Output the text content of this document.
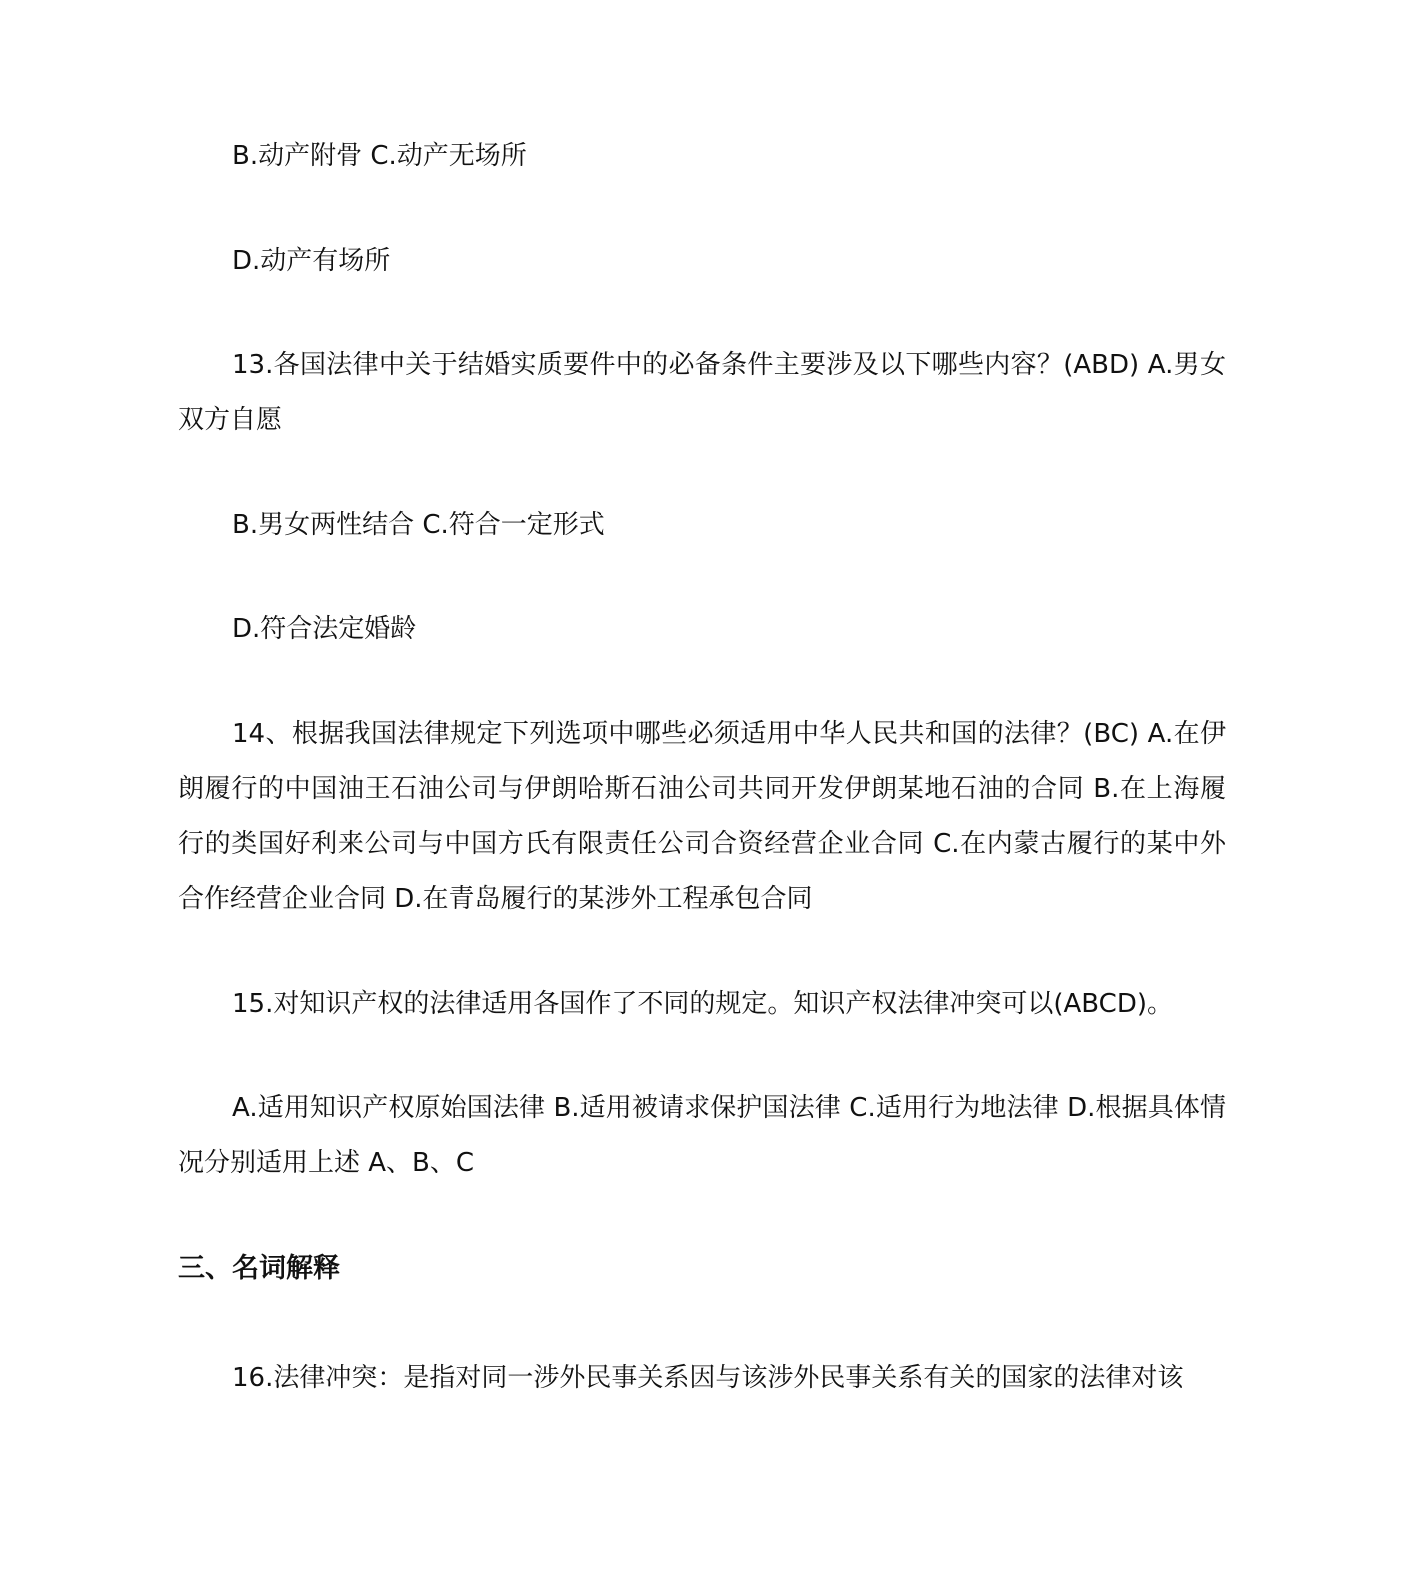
B.动产附骨 C.动产无场所

D.动产有场所

13.各国法律中关于结婚实质要件中的必备条件主要涉及以下哪些内容？(ABD) A.男女双方自愿

B.男女两性结合 C.符合一定形式

D.符合法定婚龄

14、根据我国法律规定下列选项中哪些必须适用中华人民共和国的法律？(BC) A.在伊朗履行的中国油王石油公司与伊朗哈斯石油公司共同开发伊朗某地石油的合同 B.在上海履行的类国好利来公司与中国方氏有限责任公司合资经营企业合同 C.在内蒙古履行的某中外合作经营企业合同 D.在青岛履行的某涉外工程承包合同

15.对知识产权的法律适用各国作了不同的规定。知识产权法律冲突可以(ABCD)。

A.适用知识产权原始国法律 B.适用被请求保护国法律 C.适用行为地法律 D.根据具体情况分别适用上述 A、B、C

三、名词解释

16.法律冲突：是指对同一涉外民事关系因与该涉外民事关系有关的国家的法律对该
